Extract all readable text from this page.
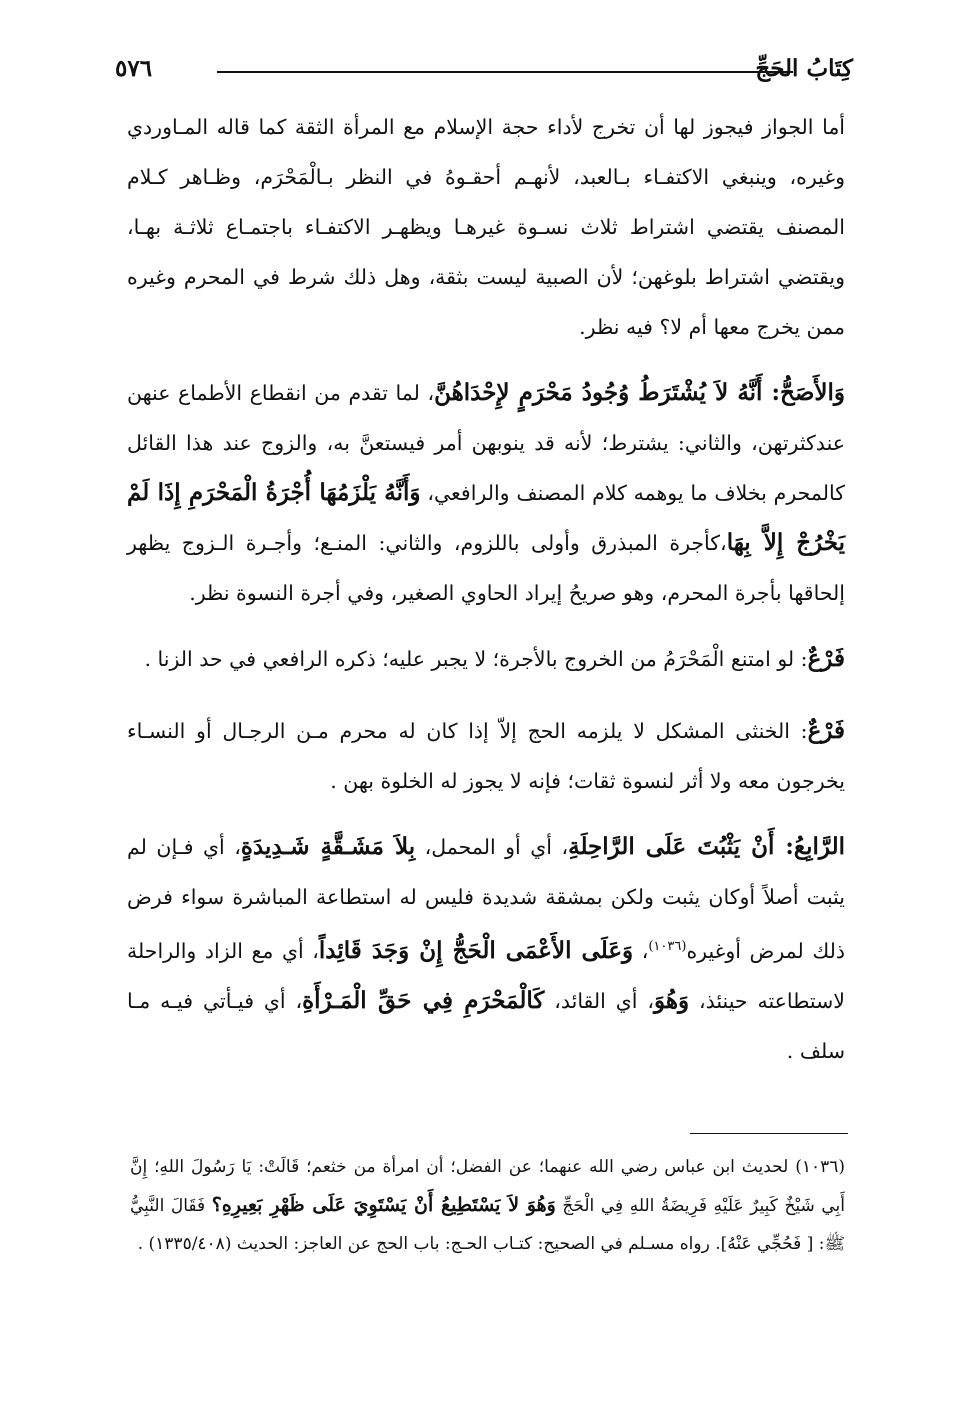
كِتَابُ الحَجِّ
٥٧٦

أما الجواز فيجوز لها أن تخرج لأداء حجة الإسلام مع المرأة الثقة كما قاله المـاوردي وغيره، وينبغي الاكتفـاء بـالعبد، لأنهـم أحقـوهُ في النظر بـالْمَحْرَم، وظـاهر كـلام المصنف يقتضي اشتراط ثلاث نسـوة غيرهـا ويظهـر الاكتفـاء باجتمـاع ثلاثـة بهـا، ويقتضي اشتراط بلوغهن؛ لأن الصبية ليست بثقة، وهل ذلك شرط في المحرم وغيره ممن يخرج معها أم لا؟ فيه نظر.

وَالأَصَحُّ: أَنَّهُ لاَ يُشْتَرَطُ وُجُودُ مَحْرَمٍ لإِحْدَاهُنَّ، لما تقدم من انقطاع الأطماع عنهن عندكثرتهن، والثاني: يشترط؛ لأنه قد ينوبهن أمر فيستعنَّ به، والزوج عند هذا القائل كالمحرم بخلاف ما يوهمه كلام المصنف والرافعي، وَأَنَّهُ يَلْزَمُهَا أُجْرَةُ الْمَحْرَمِ إِذَا لَمْ يَخْرُجْ إِلاَّ بِهَا،كأجرة المبذرق وأولى باللزوم، والثاني: المنـع؛ وأجـرة الـزوج يظهر إلحاقها بأجرة المحرم، وهو صريحُ إيراد الحاوي الصغير، وفي أجرة النسوة نظر.

فَرْعٌ: لو امتنع الْمَحْرَمُ من الخروج بالأجرة؛ لا يجبر عليه؛ ذكره الرافعي في حد الزنا .

فَرْعٌ: الخنثى المشكل لا يلزمه الحج إلاّ إذا كان له محرم مـن الرجـال أو النسـاء يخرجون معه ولا أثر لنسوة ثقات؛ فإنه لا يجوز له الخلوة بهن .

الرَّابِعُ: أَنْ يَثْبُتَ عَلَى الرَّاحِلَةِ، أي أو المحمل، بِلاَ مَشَـقَّةٍ شَـدِيدَةٍ، أي فـإن لم يثبت أصلاً أوكان يثبت ولكن بمشقة شديدة فليس له استطاعة المباشرة سواء فرض ذلك لمرض أوغيره$^{(١٠٣٦)}$، وَعَلَى الأَعْمَى الْحَجُّ إِنْ وَجَدَ قَائِداً، أي مع الزاد والراحلة لاستطاعته حينئذ، وَهُوَ، أي القائد، كَالْمَحْرَمِ فِي حَقِّ الْمَـرْأَةِ، أي فيـأتي فيـه مـا سلف .

(١٠٣٦) لحديث ابن عباس رضي الله عنهما؛ عن الفضل؛ أن امرأة من خثعم؛ قَالَتْ: يَا رَسُولَ اللهِ؛ إِنَّ أَبِي شَيْخٌ كَبِيرٌ عَلَيْهِ فَرِيضَةُ اللهِ فِي الْحَجِّ وَهُوَ لاَ يَسْتَطِيعُ أَنْ يَسْتَوِيَ عَلَى ظَهْرِ بَعِيرِهِ؟ فَقَالَ النَّبِيُّ ﷺ: [ فَحُجِّي عَنْهُ]. رواه مسـلم في الصحيح: كتـاب الحـج: باب الحج عن العاجز: الحديث (١٣٣٥/٤٠٨) .
